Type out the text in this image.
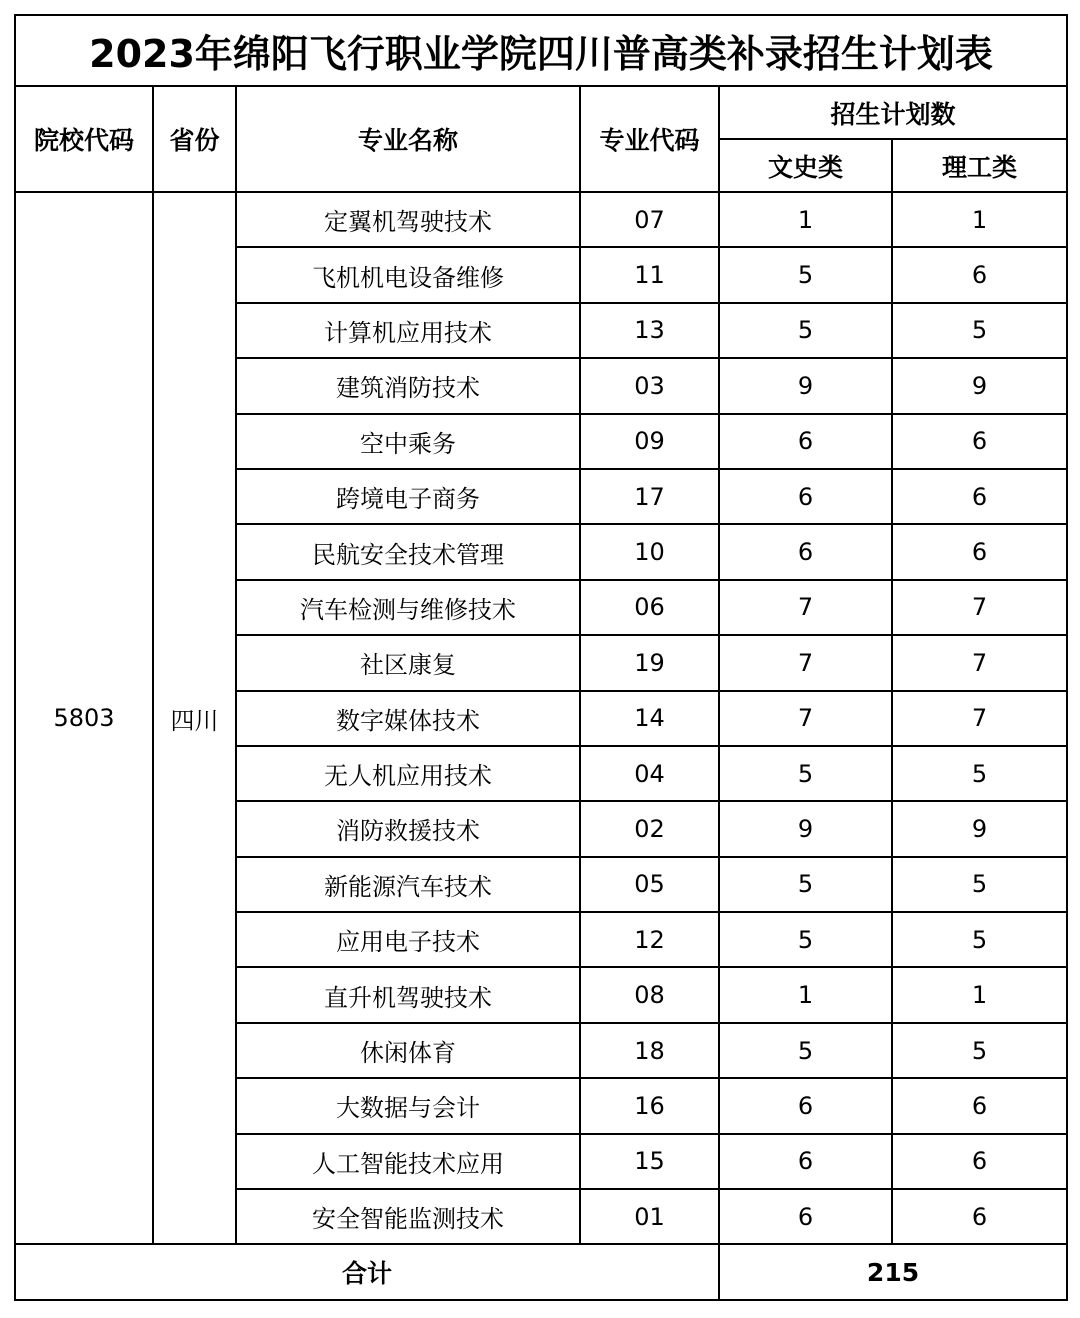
2023年绵阳飞行职业学院四川普高类补录招生计划表					
院校代码	省份	专业名称	专业代码	招生计划数	
				文史类	理工类
5803	四川	定翼机驾驶技术	07	1	1
		飞机机电设备维修	11	5	6
		计算机应用技术	13	5	5
		建筑消防技术	03	9	9
		空中乘务	09	6	6
		跨境电子商务	17	6	6
		民航安全技术管理	10	6	6
		汽车检测与维修技术	06	7	7
		社区康复	19	7	7
		数字媒体技术	14	7	7
		无人机应用技术	04	5	5
		消防救援技术	02	9	9
		新能源汽车技术	05	5	5
		应用电子技术	12	5	5
		直升机驾驶技术	08	1	1
		休闲体育	18	5	5
		大数据与会计	16	6	6
		人工智能技术应用	15	6	6
		安全智能监测技术	01	6	6
合计				215	
